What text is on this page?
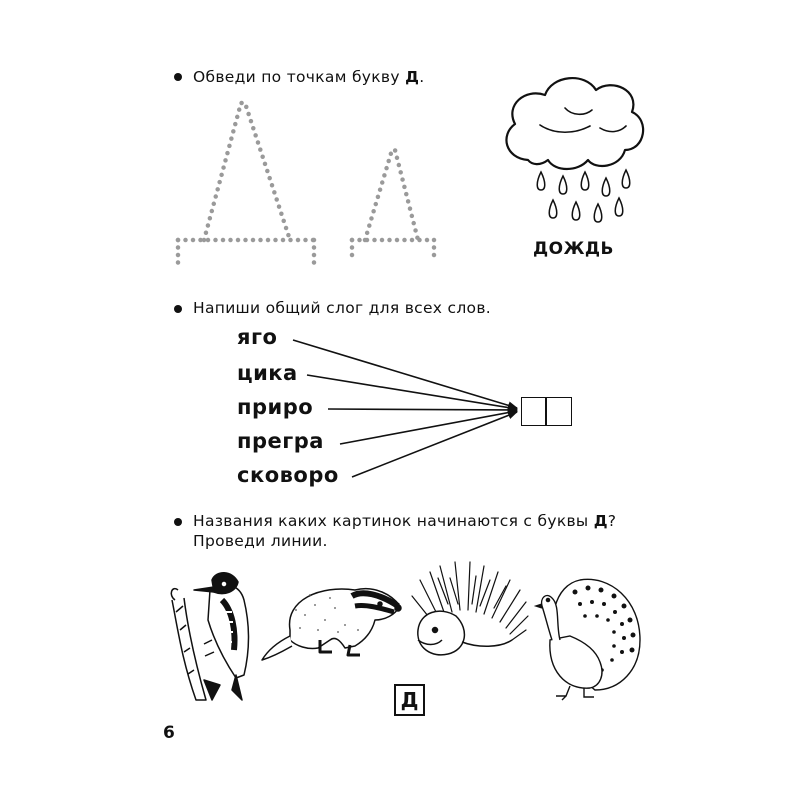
Обведи по точкам букву Д.
ДОЖДЬ
Напиши общий слог для всех слов.
яго
цика
приро
прегра
сковоро
Названия каких картинок начинаются с буквы Д?
Проведи линии.
Д
6
